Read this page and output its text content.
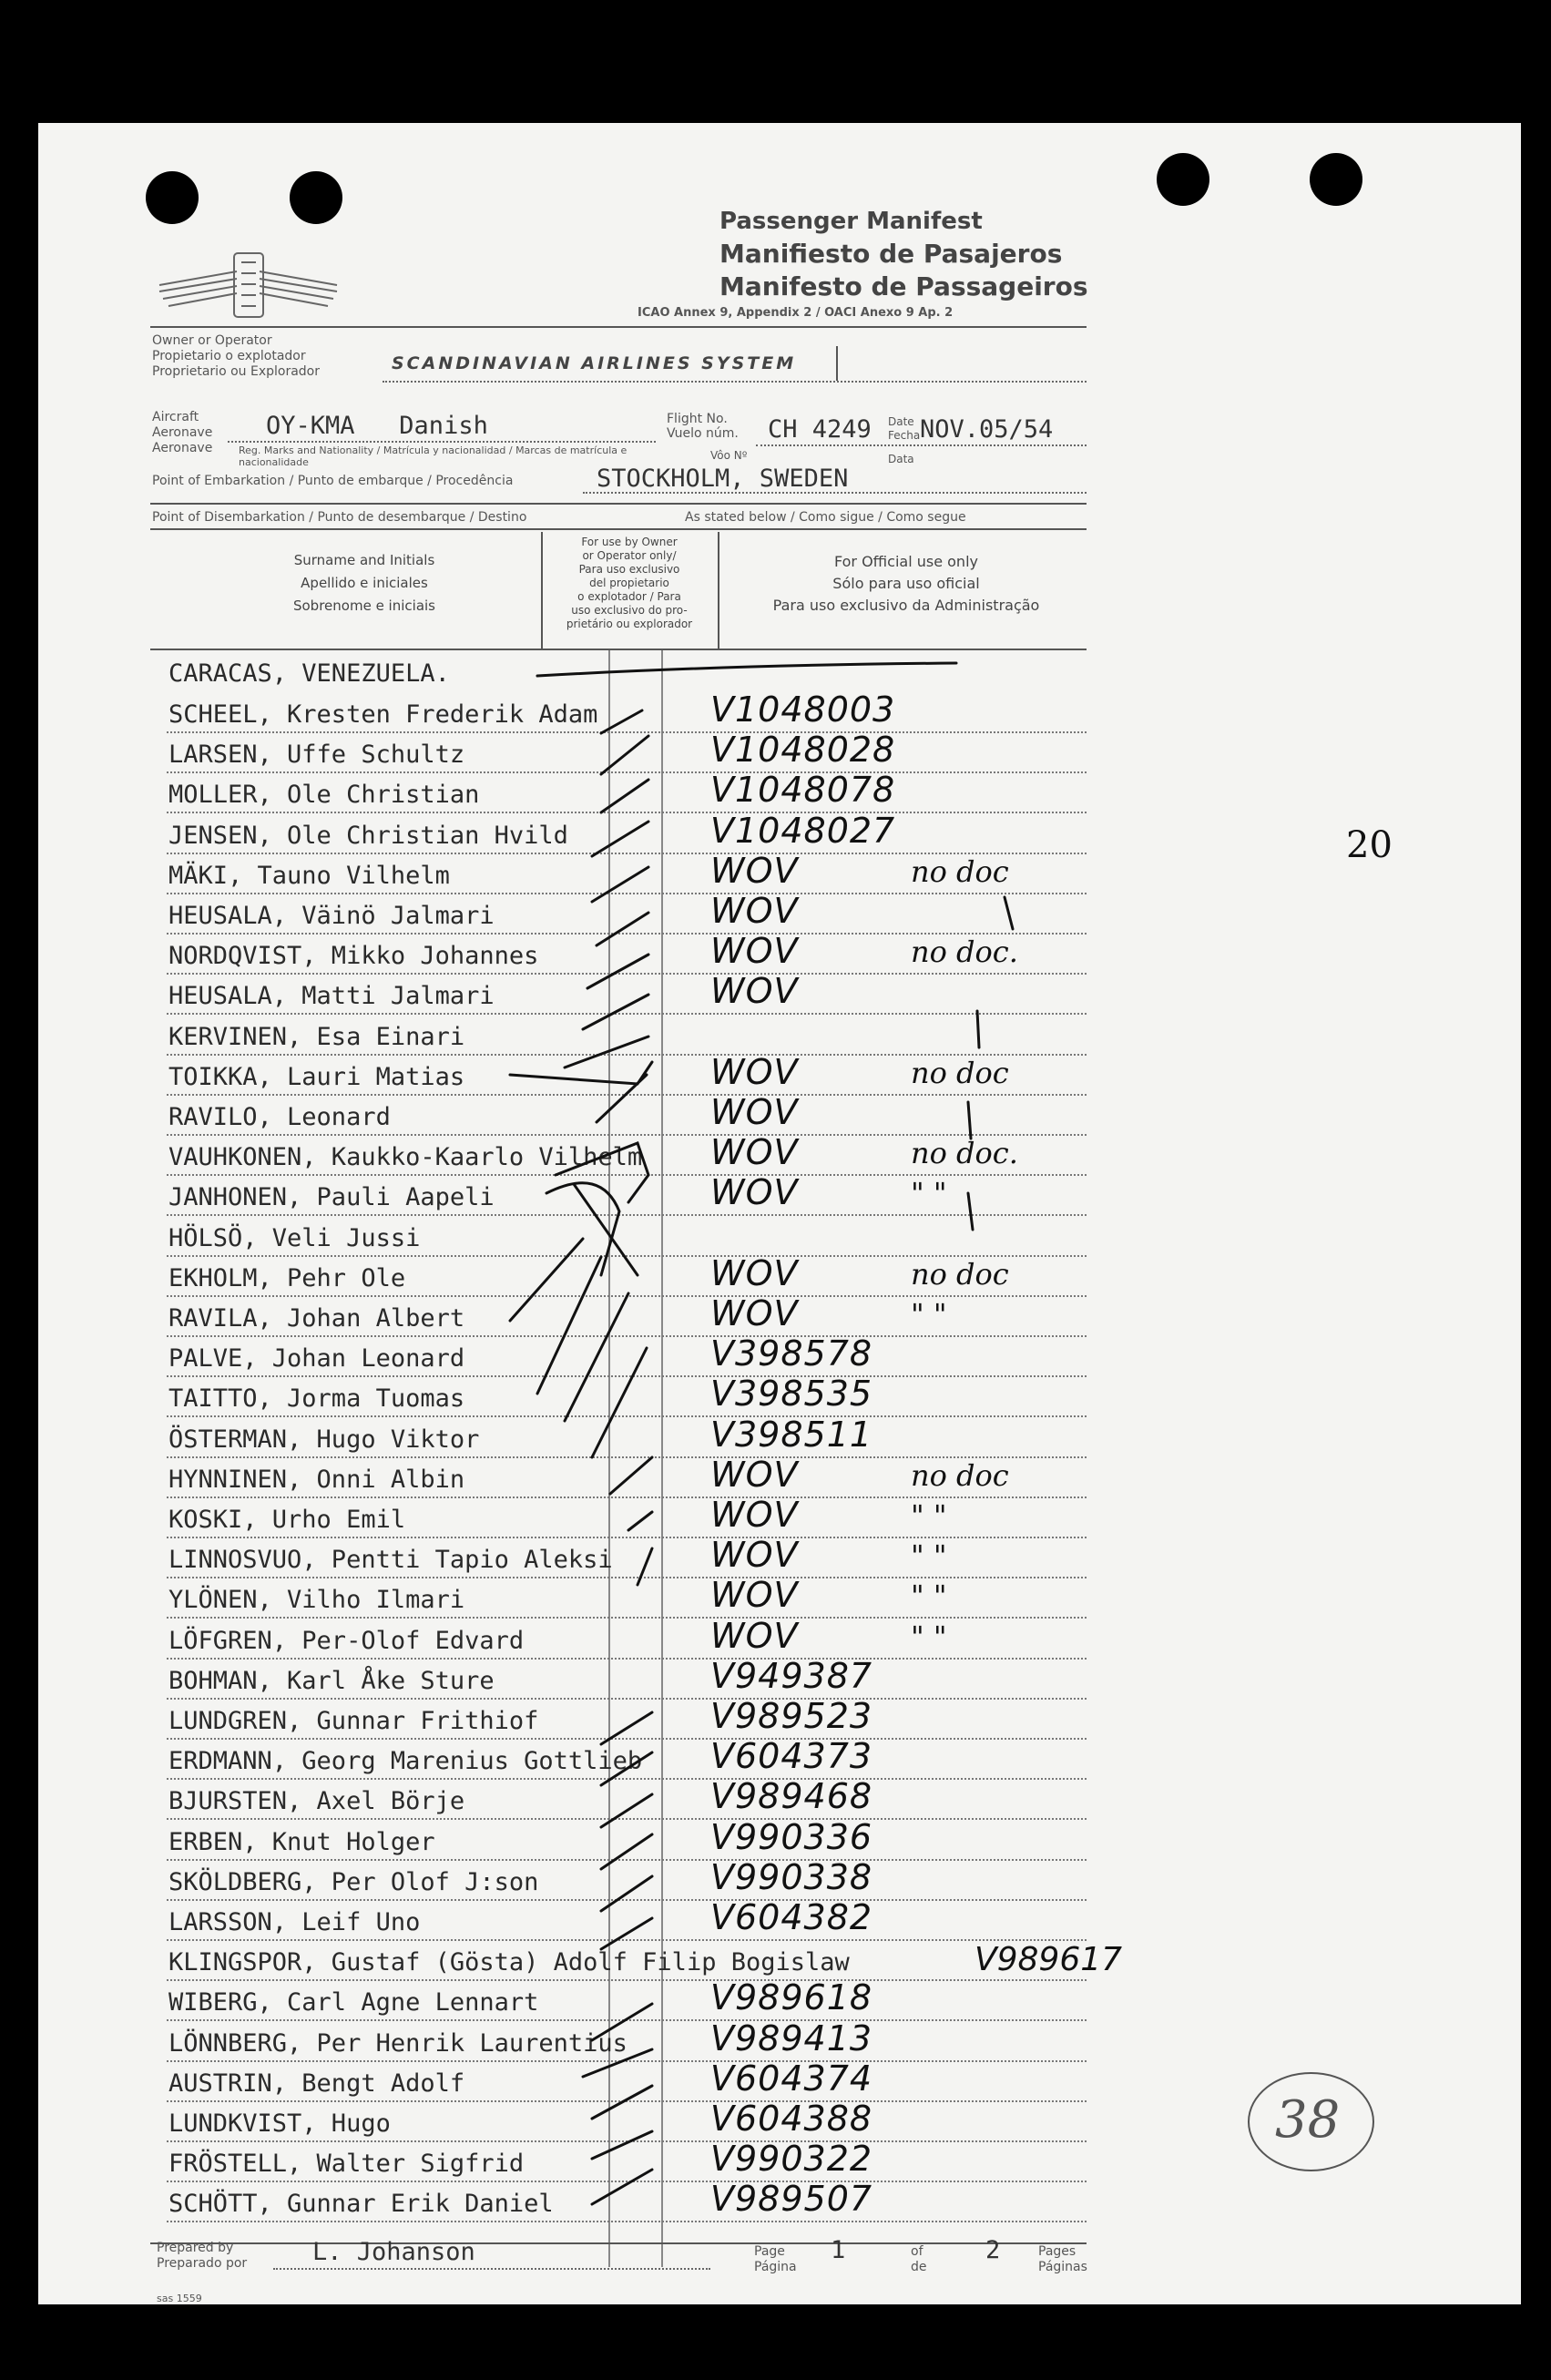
Passenger Manifest
Manifiesto de Pasajeros
Manifesto de Passageiros
ICAO Annex 9, Appendix 2 / OACI Anexo 9 Ap. 2
Owner or Operator
Propietario o explotador
Proprietario ou Explorador	SCANDINAVIAN AIRLINES SYSTEM
Aircraft
Aeronave
Aeronave
OY-KMA   Danish
Reg. Marks and Nationality / Matrícula y nacionalidad / Marcas de matrícula e nacionalidade
Flight No.
Vuelo núm.
Vôo Nº
CH 4249 Date
Fecha
Data
NOV.05/54
Point of Embarkation / Punto de embarque / Procedência	STOCKHOLM, SWEDEN
Point of Disembarkation / Punto de desembarque / Destino	As stated below / Como sigue / Como segue
Surname and Initials
Apellido e iniciales
Sobrenome e iniciais
For use by Owner
or Operator only/
Para uso exclusivo
del propietario
o explotador / Para
uso exclusivo do pro-
prietário ou explorador
For Official use only
Sólo para uso oficial
Para uso exclusivo da Administração
CARACAS, VENEZUELA.
SCHEEL, Kresten Frederik Adam	V1048003
LARSEN, Uffe Schultz	V1048028
MOLLER, Ole Christian	V1048078
JENSEN, Ole Christian Hvild	V1048027
MÄKI, Tauno Vilhelm	WOV	no doc
HEUSALA, Väinö Jalmari	WOV
NORDQVIST, Mikko Johannes	WOV	no doc.
HEUSALA, Matti Jalmari	WOV
KERVINEN, Esa Einari
TOIKKA, Lauri Matias	WOV	no doc
RAVILO, Leonard	WOV
VAUHKONEN, Kaukko-Kaarlo Vilhelm WOV	no doc.
JANHONEN, Pauli Aapeli	WOV	" "
HÖLSÖ, Veli Jussi
EKHOLM, Pehr Ole	WOV	no doc
RAVILA, Johan Albert	WOV	" "
PALVE, Johan Leonard	V398578
TAITTO, Jorma Tuomas	V398535
ÖSTERMAN, Hugo Viktor	V398511
HYNNINEN, Onni Albin	WOV	no doc
KOSKI, Urho Emil	WOV	" "
LINNOSVUO, Pentti Tapio Aleksi	WOV	" "
YLÖNEN, Vilho Ilmari	WOV	" "
LÖFGREN, Per-Olof Edvard	WOV	" "
BOHMAN, Karl Åke Sture	V949387
LUNDGREN, Gunnar Frithiof	V989523
ERDMANN, Georg Marenius Gottlieb V604373
BJURSTEN, Axel Börje	V989468
ERBEN, Knut Holger	V990336
SKÖLDBERG, Per Olof J:son	V990338
LARSSON, Leif Uno	V604382
KLINGSPOR, Gustaf (Gösta) Adolf Filip Bogislaw	V989617
WIBERG, Carl Agne Lennart	V989618
LÖNNBERG, Per Henrik Laurentius V989413
AUSTRIN, Bengt Adolf	V604374
LUNDKVIST, Hugo	V604388
FRÖSTELL, Walter Sigfrid	V990322
SCHÖTT, Gunnar Erik Daniel	V989507
20
38
Prepared by
Preparado por	L. Johanson	Page
Página
1	of
de
2	Pages
Páginas
sas 1559
